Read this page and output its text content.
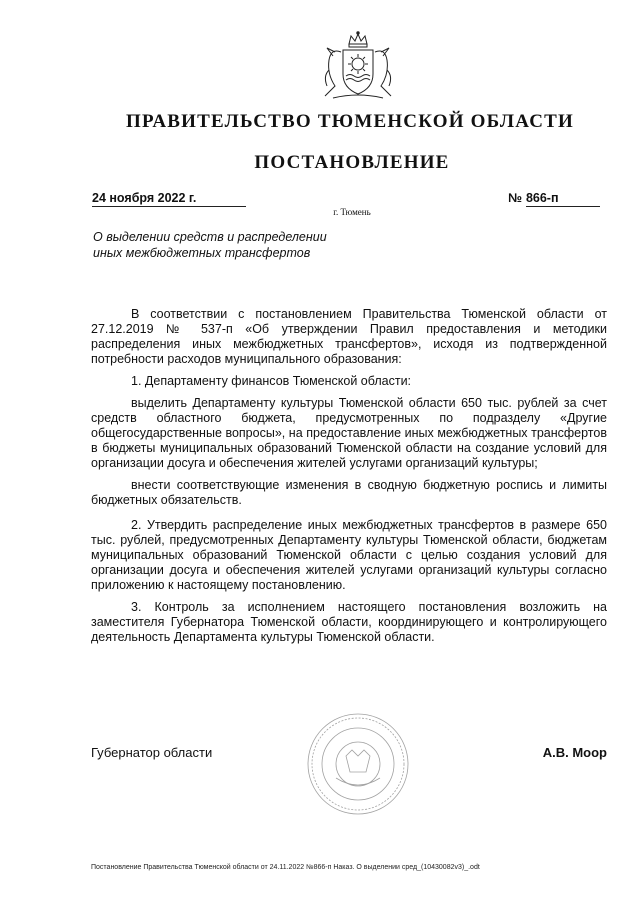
ПРАВИТЕЛЬСТВО ТЮМЕНСКОЙ ОБЛАСТИ
ПОСТАНОВЛЕНИЕ
24 ноября 2022 г.	№ 866-п
г. Тюмень
О выделении средств и распределении
иных межбюджетных трансфертов

В соответствии с постановлением Правительства Тюменской области от 27.12.2019 № 537-п «Об утверждении Правил предоставления и методики распределения иных межбюджетных трансфертов», исходя из подтвержденной потребности расходов муниципального образования:

1. Департаменту финансов Тюменской области:

выделить Департаменту культуры Тюменской области 650 тыс. рублей за счет средств областного бюджета, предусмотренных по подразделу «Другие общегосударственные вопросы», на предоставление иных межбюджетных трансфертов в бюджеты муниципальных образований Тюменской области на создание условий для организации досуга и обеспечения жителей услугами организаций культуры;

внести соответствующие изменения в сводную бюджетную роспись и лимиты бюджетных обязательств.

2. Утвердить распределение иных межбюджетных трансфертов в размере 650 тыс. рублей, предусмотренных Департаменту культуры Тюменской области, бюджетам муниципальных образований Тюменской области с целью создания условий для организации досуга и обеспечения жителей услугами организаций культуры согласно приложению к настоящему постановлению.

3. Контроль за исполнением настоящего постановления возложить на заместителя Губернатора Тюменской области, координирующего и контролирующего деятельность Департамента культуры Тюменской области.

Губернатор области	А.В. Моор
Постановление Правительства Тюменской области от 24.11.2022 №866-п Наказ. О выделении сред_(10430082v3)_.odt
